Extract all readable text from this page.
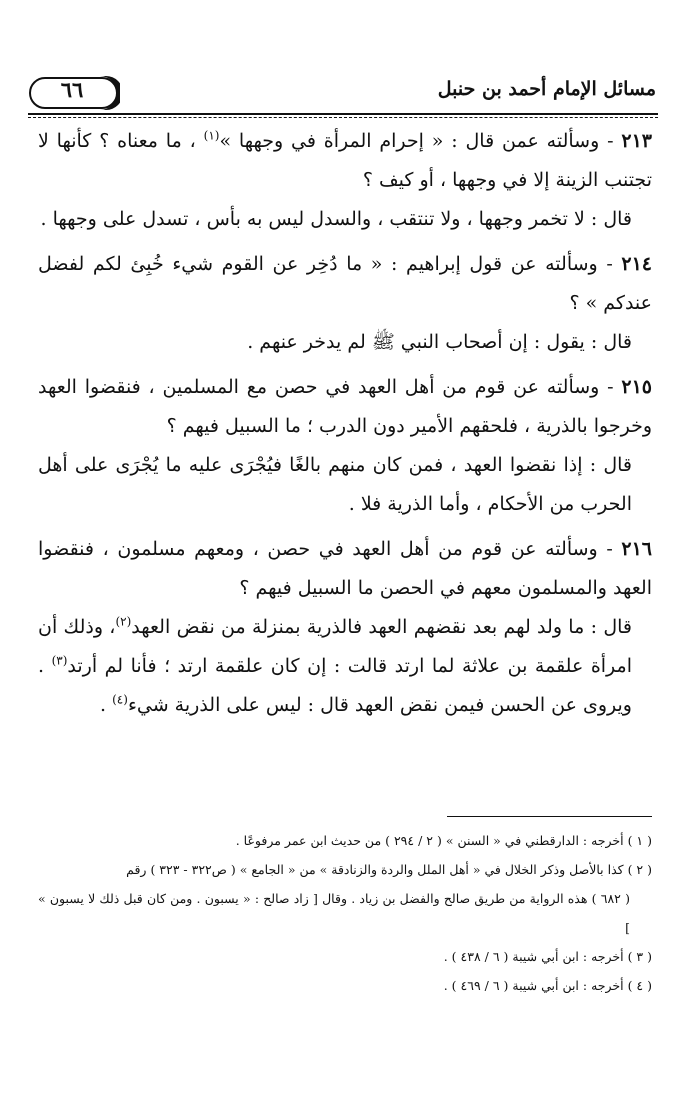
مسائل الإمام أحمد بن حنبل
٦٦

٢١٣ - وسألته عمن قال : « إحرام المرأة في وجهها »$^{(١)}$ ، ما معناه ؟ كأنها لا تجتنب الزينة إلا في وجهها ، أو كيف ؟

قال : لا تخمر وجهها ، ولا تنتقب ، والسدل ليس به بأس ، تسدل على وجهها .

٢١٤ - وسألته عن قول إبراهيم : « ما دُخِر عن القوم شيء خُبِئ لكم لفضل عندكم » ؟

قال : يقول : إن أصحاب النبي ﷺ لم يدخر عنهم .

٢١٥ - وسألته عن قوم من أهل العهد في حصن مع المسلمين ، فنقضوا العهد وخرجوا بالذرية ، فلحقهم الأمير دون الدرب ؛ ما السبيل فيهم ؟

قال : إذا نقضوا العهد ، فمن كان منهم بالغًا فيُجْرَى عليه ما يُجْرَى على أهل الحرب من الأحكام ، وأما الذرية فلا .

٢١٦ - وسألته عن قوم من أهل العهد في حصن ، ومعهم مسلمون ، فنقضوا العهد والمسلمون معهم في الحصن ما السبيل فيهم ؟

قال : ما ولد لهم بعد نقضهم العهد فالذرية بمنزلة من نقض العهد$^{(٢)}$، وذلك أن امرأة علقمة بن علاثة لما ارتد قالت : إن كان علقمة ارتد ؛ فأنا لم أرتد$^{(٣)}$ . ويروى عن الحسن فيمن نقض العهد قال : ليس على الذرية شيء$^{(٤)}$ .

( ١ ) أخرجه : الدارقطني في « السنن » ( ٢ / ٢٩٤ ) من حديث ابن عمر مرفوعًا .

( ٢ ) كذا بالأصل وذكر الخلال في « أهل الملل والردة والزنادقة » من « الجامع » ( ص٣٢٢ - ٣٢٣ ) رقم

( ٦٨٢ ) هذه الرواية من طريق صالح والفضل بن زياد . وقال [ زاد صالح : « يسبون . ومن كان قبل ذلك لا يسبون » ]

( ٣ ) أخرجه : ابن أبي شيبة ( ٦ / ٤٣٨ ) .

( ٤ ) أخرجه : ابن أبي شيبة ( ٦ / ٤٦٩ ) .
